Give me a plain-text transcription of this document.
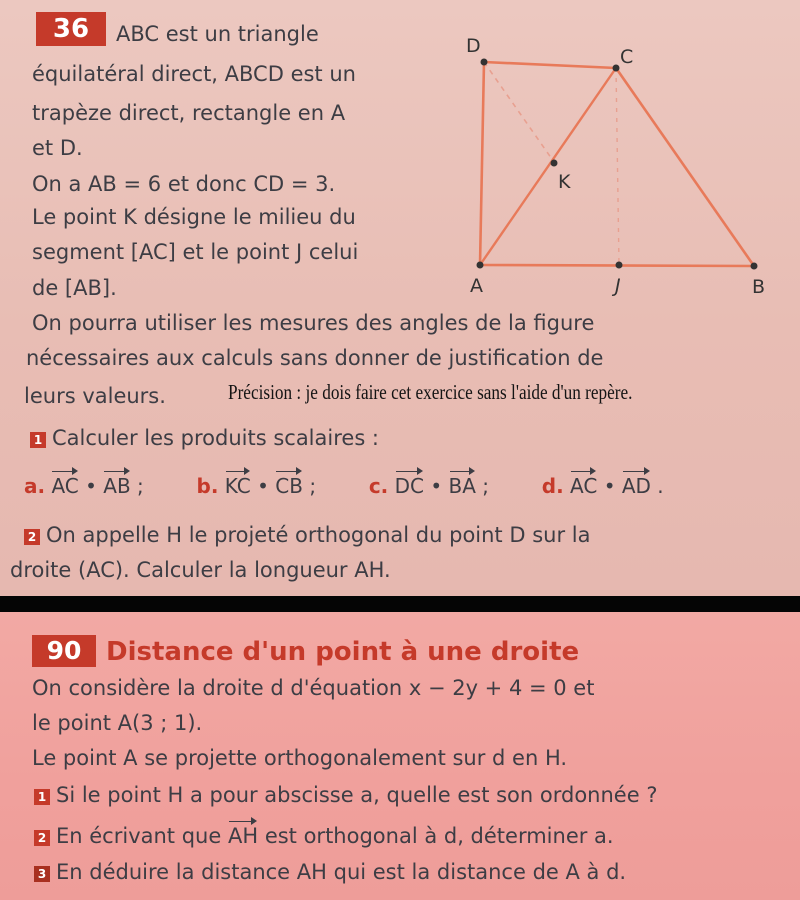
36	ABC est un triangle
équilatéral direct, ABCD est un
trapèze direct, rectangle en A
et D.
On a AB = 6 et donc CD = 3.
Le point K désigne le milieu du
segment [AC] et le point J celui
de [AB].
On pourra utiliser les mesures des angles de la figure
nécessaires aux calculs sans donner de justification de
leurs valeurs.	Précision : je dois faire cet exercice sans l'aide d'un repère.
D	C
K
A	J	B
1 Calculer les produits scalaires :
a. AC • AB ;	b. KC • CB ;	c. DC • BA ;	d. AC • AD .
2 On appelle H le projeté orthogonal du point D sur la
droite (AC). Calculer la longueur AH.
90 Distance d'un point à une droite
On considère la droite d d'équation x − 2y + 4 = 0 et
le point A(3 ; 1).
Le point A se projette orthogonalement sur d en H.
1 Si le point H a pour abscisse a, quelle est son ordonnée ?
2 En écrivant que AH est orthogonal à d, déterminer a.
3 En déduire la distance AH qui est la distance de A à d.
